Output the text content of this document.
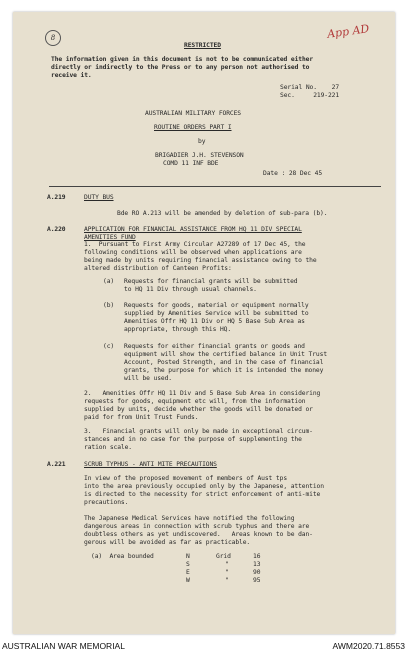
8	App AD
RESTRICTED
The information given in this document is not to be communicated either
directly or indirectly to the Press or to any person not authorised to
receive it.
Serial No.    27
Sec.     219-221
AUSTRALIAN MILITARY FORCES
ROUTINE ORDERS PART I
by
BRIGADIER J.H. STEVENSON
COMD 11 INF BDE
Date : 28 Dec 45
A.219	DUTY BUS
Bde RO A.213 will be amended by deletion of sub-para (b).
A.220	APPLICATION FOR FINANCIAL ASSISTANCE FROM HQ 11 DIV SPECIAL
AMENITIES FUND
1.  Pursuant to First Army Circular A27289 of 17 Dec 45, the
following conditions will be observed when applications are
being made by units requiring financial assistance owing to the
altered distribution of Canteen Profits:
(a) Requests for financial grants will be submitted
to HQ 11 Div through usual channels.
(b) Requests for goods, material or equipment normally
supplied by Amenities Service will be submitted to
Amenities Offr HQ 11 Div or HQ 5 Base Sub Area as
appropriate, through this HQ.
(c) Requests for either financial grants or goods and
equipment will show the certified balance in Unit Trust
Account, Posted Strength, and in the case of financial
grants, the purpose for which it is intended the money
will be used.
2.   Amenities Offr HQ 11 Div and 5 Base Sub Area in considering
requests for goods, equipment etc will, from the information
supplied by units, decide whether the goods will be donated or
paid for from Unit Trust Funds.
3.   Financial grants will only be made in exceptional circum-
stances and in no case for the purpose of supplementing the
ration scale.
A.221	SCRUB TYPHUS - ANTI MITE PRECAUTIONS
In view of the proposed movement of members of Aust tps
into the area previously occupied only by the Japanese, attention
is directed to the necessity for strict enforcement of anti-mite
precautions.
The Japanese Medical Services have notified the following
dangerous areas in connection with scrub typhus and there are
doubtless others as yet undiscovered.   Areas known to be dan-
gerous will be avoided as far as practicable.
(a)  Area bounded	N	Grid	16
S	"	13
E	"	90
W	"	95
AUSTRALIAN WAR MEMORIAL	AWM2020.71.8553
